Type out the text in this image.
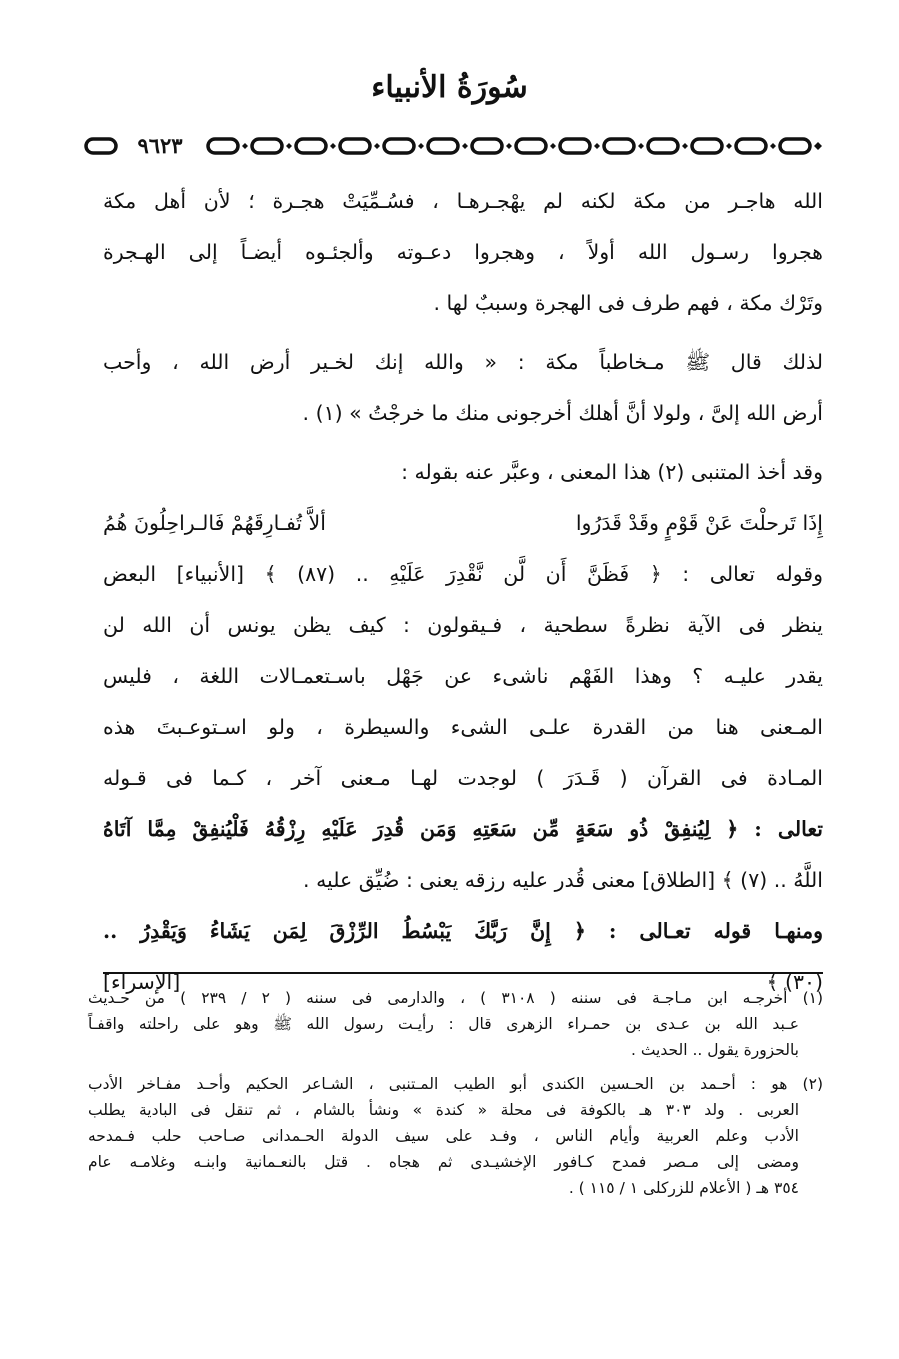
سُورَةُ الأنبياء
٩٦٢٣
الله هاجـر من مكة لكنه لم يهْجـرهـا ، فسُـمِّيَتْ هجـرة ؛ لأن أهل مكة
هجروا رسـول الله أولاً ، وهجروا دعـوته وألجئـوه أيضـاً إلى الهـجرة
وتَرْك مكة ، فهم طرف فى الهجرة وسببٌ لها .
لذلك قال ﷺ مـخاطباً مكة : « والله إنك لخـير أرض الله ، وأحب
أرض الله إلىَّ ، ولولا أنَّ أهلك أخرجونى منك ما خرجْتُ » (١) .
وقد أخذ المتنبى (٢) هذا المعنى ، وعبَّر عنه بقوله :
إِذَا تَرحلْتَ عَنْ قَوْمٍ وقَدْ قَدَرُوا
ألاَّ تُفـارِقَهُمْ فَالـراحِلُونَ هُمُ
وقوله تعالى : ﴿ فَظَنَّ أَن لَّن نَّقْدِرَ عَلَيْهِ .. (٨٧) ﴾ [الأنبياء] البعض
ينظر فى الآية نظرةً سطحية ، فـيقولون : كيف يظن يونس أن الله لن
يقدر عليـه ؟ وهذا الفَهْم ناشىء عن جَهْل باسـتعمـالات اللغة ، فليس
المـعنى هنا من القدرة علـى الشىء والسيطرة ، ولو اسـتوعـبتَ هذه
المـادة فى القرآن ( قَـدَرَ ) لوجدت لهـا مـعنى آخر ، كـما فى قـوله
تعالى : ﴿ لِيُنفِقْ ذُو سَعَةٍ مِّن سَعَتِهِ وَمَن قُدِرَ عَلَيْهِ رِزْقُهُ فَلْيُنفِقْ مِمَّا آتَاهُ
اللَّهُ .. (٧) ﴾ [الطلاق] معنى قُدر عليه رزقه يعنى : ضُيِّق عليه .
ومنهـا قوله تعـالى : ﴿ إِنَّ رَبَّكَ يَبْسُطُ الرِّزْقَ لِمَن يَشَاءُ وَيَقْدِرُ ..
(٣٠) ﴾
[الإسراء]
(١) أخرجـه ابن مـاجـة فى سننه ( ٣١٠٨ ) ، والدارمى فى سننه ( ٢ / ٢٣٩ ) من حـديث
عـبد الله بن عـدى بن حمـراء الزهرى قال : رأيـت رسول الله ﷺ وهو على راحلته واقفـاً
بالحزورة يقول .. الحديث .
(٢) هو : أحـمد بن الحـسين الكندى أبو الطيب المـتنبى ، الشـاعر الحكيم وأحـد مفـاخر الأدب
العربى . ولد ٣٠٣ هـ بالكوفة فى محلة « كندة » ونشأ بالشام ، ثم تنقل فى البادية يطلب
الأدب وعلم العربية وأيام الناس ، وفـد على سيف الدولة الحـمدانى صـاحب حلب فـمدحه
ومضى إلى مـصر فمدح كـافور الإخشيـدى ثم هجاه . قتل بالنعـمانية وابنـه وغلامـه عام
٣٥٤ هـ ( الأعلام للزركلى ١ / ١١٥ ) .
